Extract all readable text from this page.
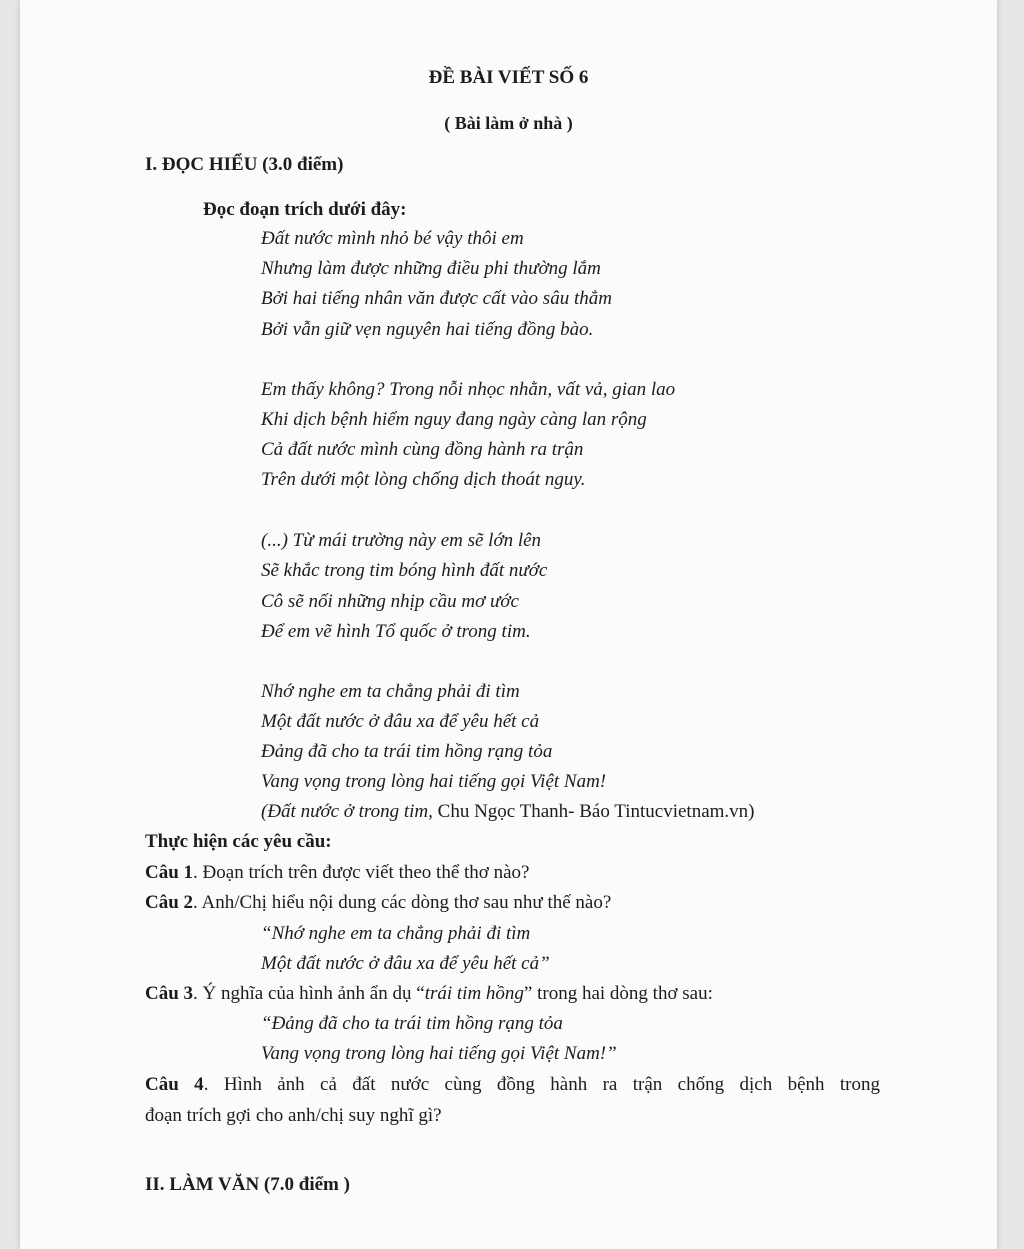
ĐỀ BÀI VIẾT SỐ 6
( Bài làm ở nhà )
I. ĐỌC HIỂU (3.0 điểm)
Đọc đoạn trích dưới đây:
Đất nước mình nhỏ bé vậy thôi em
Nhưng làm được những điều phi thường lắm
Bởi hai tiếng nhân văn được cất vào sâu thẳm
Bởi vẫn giữ vẹn nguyên hai tiếng đồng bào.
Em thấy không? Trong nỗi nhọc nhằn, vất vả, gian lao
Khi dịch bệnh hiểm nguy đang ngày càng lan rộng
Cả đất nước mình cùng đồng hành ra trận
Trên dưới một lòng chống dịch thoát nguy.
(...) Từ mái trường này em sẽ lớn lên
Sẽ khắc trong tim bóng hình đất nước
Cô sẽ nối những nhịp cầu mơ ước
Để em vẽ hình Tổ quốc ở trong tim.
Nhớ nghe em ta chẳng phải đi tìm
Một đất nước ở đâu xa để yêu hết cả
Đảng đã cho ta trái tim hồng rạng tỏa
Vang vọng trong lòng hai tiếng gọi Việt Nam!
(Đất nước ở trong tim, Chu Ngọc Thanh- Báo Tintucvietnam.vn)
Thực hiện các yêu cầu:
Câu 1. Đoạn trích trên được viết theo thể thơ nào?
Câu 2. Anh/Chị hiểu nội dung các dòng thơ sau như thế nào?
“Nhớ nghe em ta chẳng phải đi tìm
Một đất nước ở đâu xa để yêu hết cả”
Câu 3. Ý nghĩa của hình ảnh ẩn dụ “trái tim hồng” trong hai dòng thơ sau:
“Đảng đã cho ta trái tim hồng rạng tỏa
Vang vọng trong lòng hai tiếng gọi Việt Nam!”
Câu 4. Hình ảnh cả đất nước cùng đồng hành ra trận chống dịch bệnh trong
đoạn trích gợi cho anh/chị suy nghĩ gì?
II. LÀM VĂN (7.0 điểm )
